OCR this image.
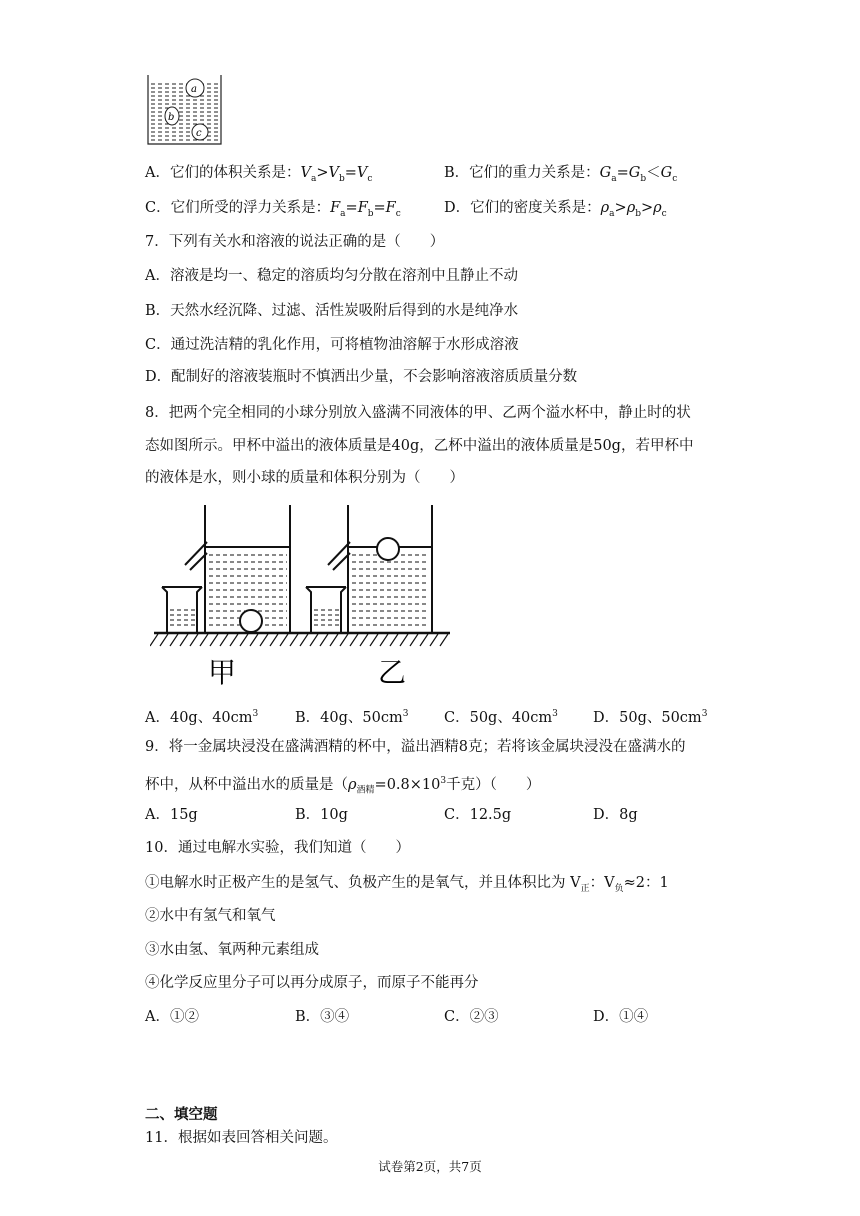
a
b
c
A．它们的体积关系是：$V_a>V_b=V_c$	B．它们的重力关系是：$G_a=G_b<G_c$
C．它们所受的浮力关系是：$F_a=F_b=F_c$	D．它们的密度关系是：$\rho_a>\rho_b>\rho_c$
7．下列有关水和溶液的说法正确的是（　　）
A．溶液是均一、稳定的溶质均匀分散在溶剂中且静止不动
B．天然水经沉降、过滤、活性炭吸附后得到的水是纯净水
C．通过洗洁精的乳化作用，可将植物油溶解于水形成溶液
D．配制好的溶液装瓶时不慎洒出少量，不会影响溶液溶质质量分数
8．把两个完全相同的小球分别放入盛满不同液体的甲、乙两个溢水杯中，静止时的状
态如图所示。甲杯中溢出的液体质量是40g，乙杯中溢出的液体质量是50g，若甲杯中
的液体是水，则小球的质量和体积分别为（　　）
甲	乙
A．40g、$40cm^3$	B．40g、$50cm^3$ C．50g、$40cm^3$ D．50g、$50cm^3$
9．将一金属块浸没在盛满酒精的杯中，溢出酒精8克；若将该金属块浸没在盛满水的
杯中，从杯中溢出水的质量是（$\rho_{酒精}=0.8\times 10^3$千克）（　　）
A．15g	B．10g	C．12.5g	D．8g
10．通过电解水实验，我们知道（　　）
①电解水时正极产生的是氢气、负极产生的是氧气，并且体积比为 $V_正$：$V_负\approx 2$：1
②水中有氢气和氧气
③水由氢、氧两种元素组成
④化学反应里分子可以再分成原子，而原子不能再分
A．①②	B．③④	C．②③	D．①④
二、填空题
11．根据如表回答相关问题。
试卷第2页，共7页
